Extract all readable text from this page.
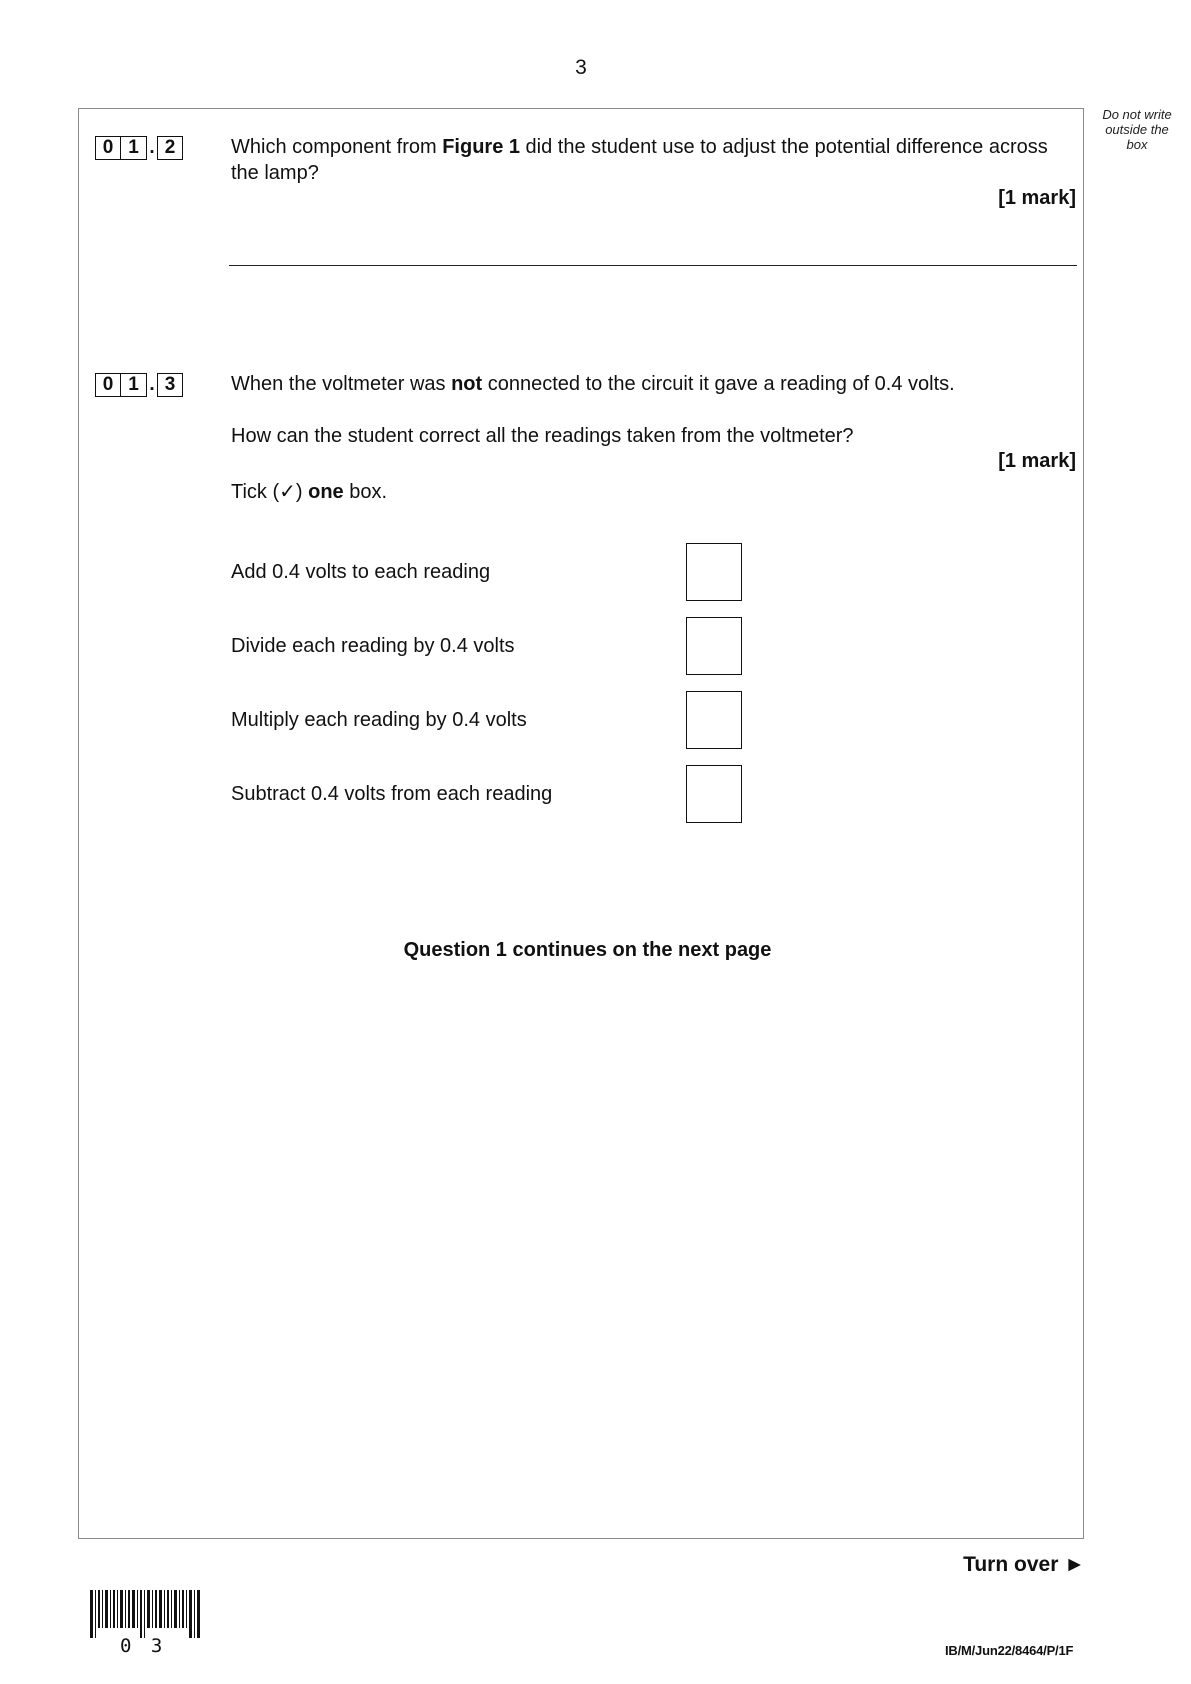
3
Do not write outside the box
0 1 . 2	Which component from Figure 1 did the student use to adjust the potential difference across the lamp?
[1 mark]
0 1 . 3	When the voltmeter was not connected to the circuit it gave a reading of 0.4 volts.
How can the student correct all the readings taken from the voltmeter?
[1 mark]
Tick (✓) one box.
Add 0.4 volts to each reading
Divide each reading by 0.4 volts
Multiply each reading by 0.4 volts
Subtract 0.4 volts from each reading
Question 1 continues on the next page
Turn over ►
0 3	IB/M/Jun22/8464/P/1F
